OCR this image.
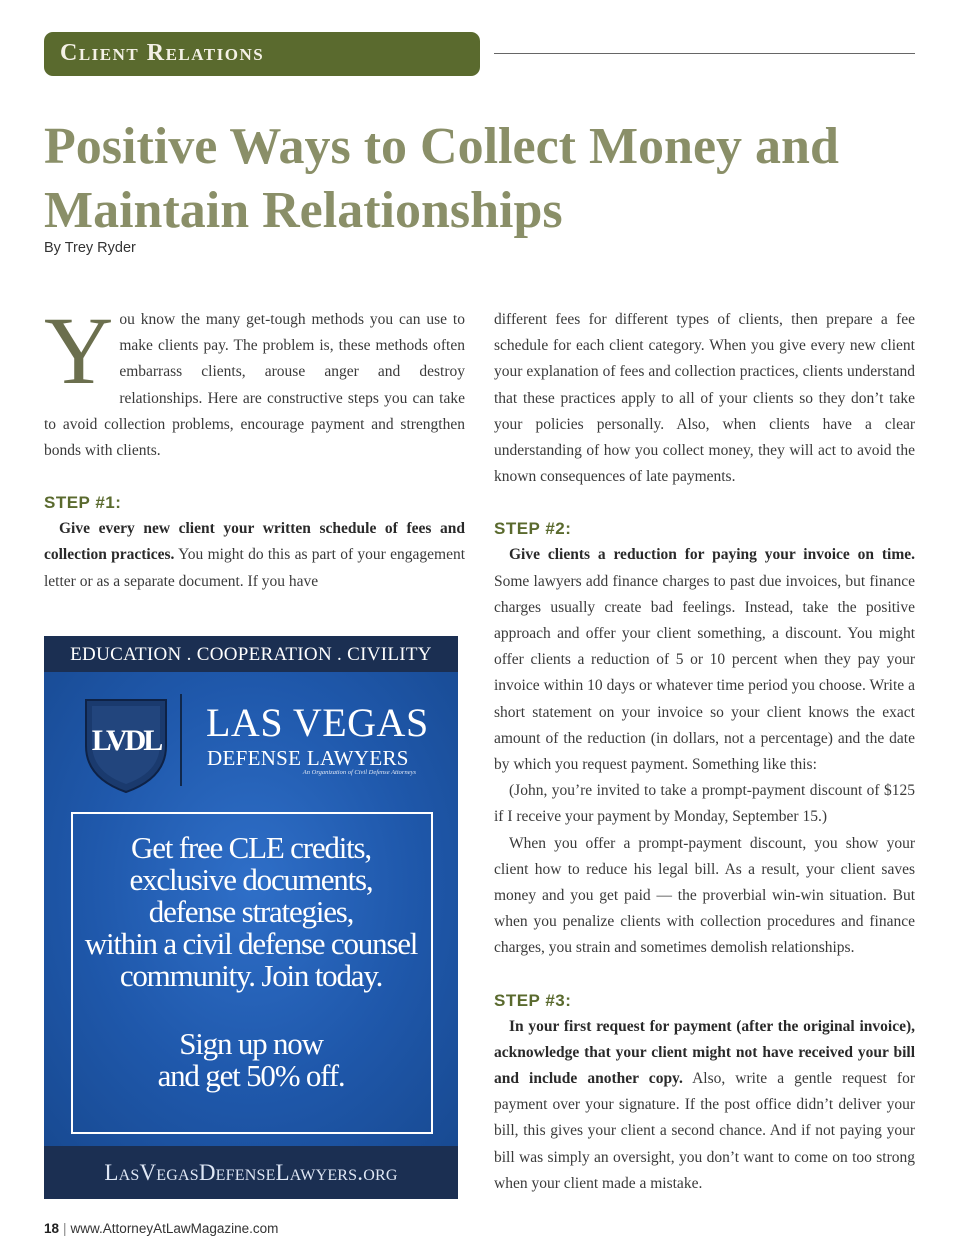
Client Relations
Positive Ways to Collect Money and Maintain Relationships
By Trey Ryder

You know the many get-tough methods you can use to make clients pay. The problem is, these methods often embarrass clients, arouse anger and destroy relationships. Here are constructive steps you can take to avoid collection problems, encourage payment and strengthen bonds with clients.

STEP #1:

Give every new client your written schedule of fees and collection practices. You might do this as part of your engagement letter or as a separate document. If you have

different fees for different types of clients, then prepare a fee schedule for each client category. When you give every new client your explanation of fees and collection practices, clients understand that these practices apply to all of your clients so they don’t take your policies personally. Also, when clients have a clear understanding of how you collect money, they will act to avoid the known consequences of late payments.

STEP #2:

Give clients a reduction for paying your invoice on time. Some lawyers add finance charges to past due invoices, but finance charges usually create bad feelings. Instead, take the positive approach and offer your client something, a discount. You might offer clients a reduction of 5 or 10 percent when they pay your invoice within 10 days or whatever time period you choose. Write a short statement on your invoice so your client knows the exact amount of the reduction (in dollars, not a percentage) and the date by which you request payment. Something like this:

(John, you’re invited to take a prompt-payment discount of $125 if I receive your payment by Monday, September 15.)

When you offer a prompt-payment discount, you show your client how to reduce his legal bill. As a result, your client saves money and you get paid — the proverbial win-win situation. But when you penalize clients with collection procedures and finance charges, you strain and sometimes demolish relationships.

STEP #3:

In your first request for payment (after the original invoice), acknowledge that your client might not have received your bill and include another copy. Also, write a gentle request for payment over your signature. If the post office didn’t deliver your bill, this gives your client a second chance. And if not paying your bill was simply an oversight, you don’t want to come on too strong when your client made a mistake.

EDUCATION . COOPERATION . CIVILITY
LVDL LAS VEGAS
DEFENSE LAWYERS
An Organization of Civil Defense Attorneys
Get free CLE credits,
exclusive documents,
defense strategies,
within a civil defense counsel
community. Join today.
Sign up now
and get 50% off.
LasVegasDefenseLawyers.org
18 | www.AttorneyAtLawMagazine.com
